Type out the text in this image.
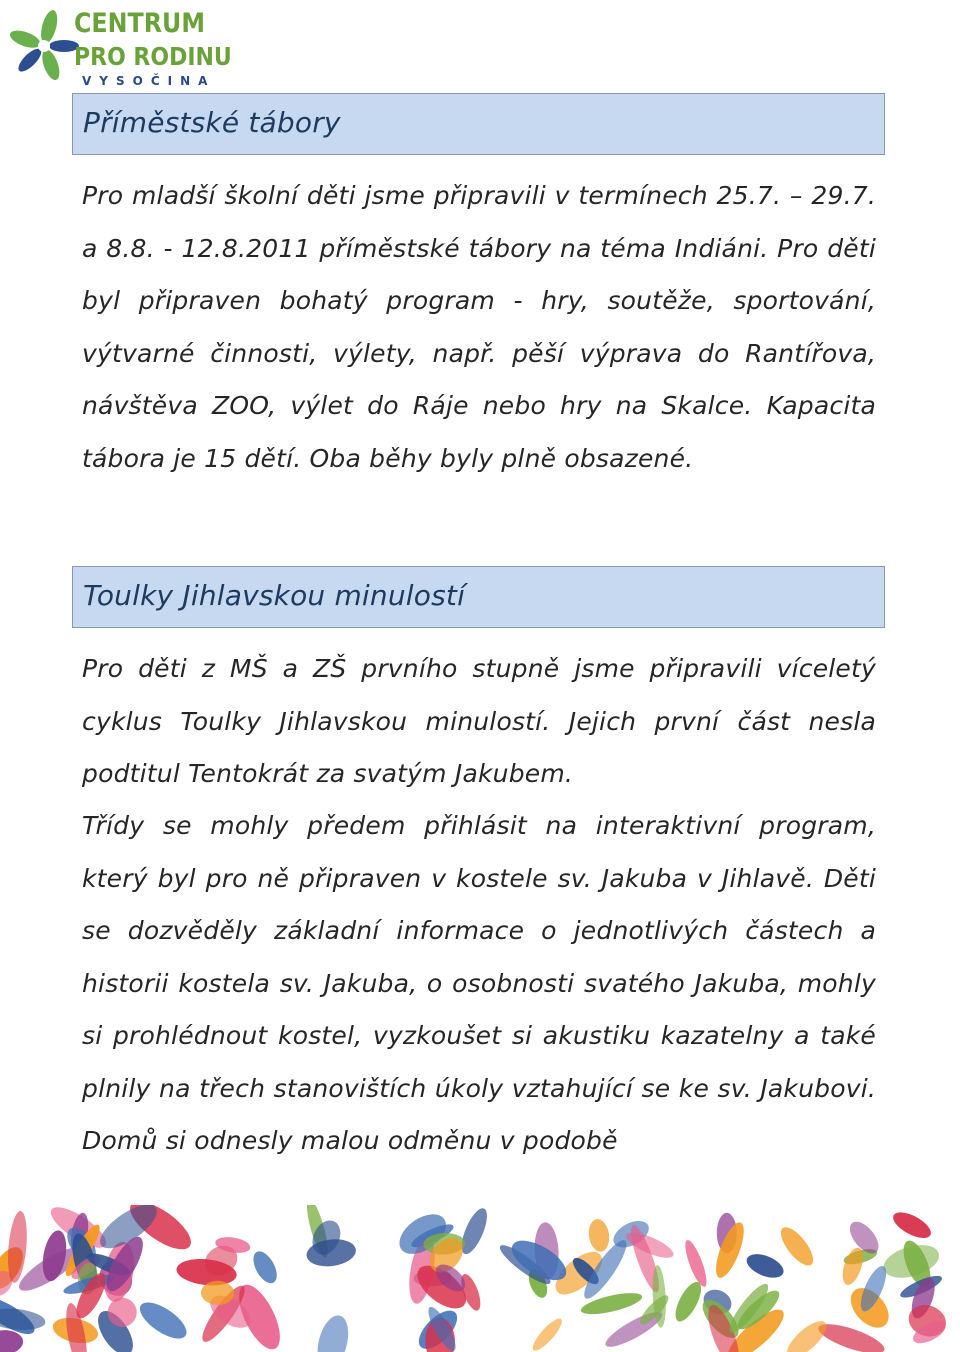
CENTRUM
PRO RODINU
VYSOČINA
Příměstské tábory

Pro mladší školní děti jsme připravili v termínech 25.7. – 29.7. a 8.8. - 12.8.2011 příměstské tábory na téma Indiáni. Pro děti byl připraven bohatý program - hry, soutěže, sportování, výtvarné činnosti, výlety, např. pěší výprava do Rantířova, návštěva ZOO, výlet do Ráje nebo hry na Skalce. Kapacita tábora je 15 dětí. Oba běhy byly plně obsazené.

Toulky Jihlavskou minulostí

Pro děti z MŠ a ZŠ prvního stupně jsme připravili víceletý cyklus Toulky Jihlavskou minulostí. Jejich první část nesla podtitul Tentokrát za svatým Jakubem.

Třídy se mohly předem přihlásit na interaktivní program, který byl pro ně připraven v kostele sv. Jakuba v Jihlavě. Děti se dozvěděly základní informace o jednotlivých částech a historii kostela sv. Jakuba, o osobnosti svatého Jakuba, mohly si prohlédnout kostel, vyzkoušet si akustiku kazatelny a také plnily na třech stanovištích úkoly vztahující se ke sv. Jakubovi. Domů si odnesly malou odměnu v podobě
